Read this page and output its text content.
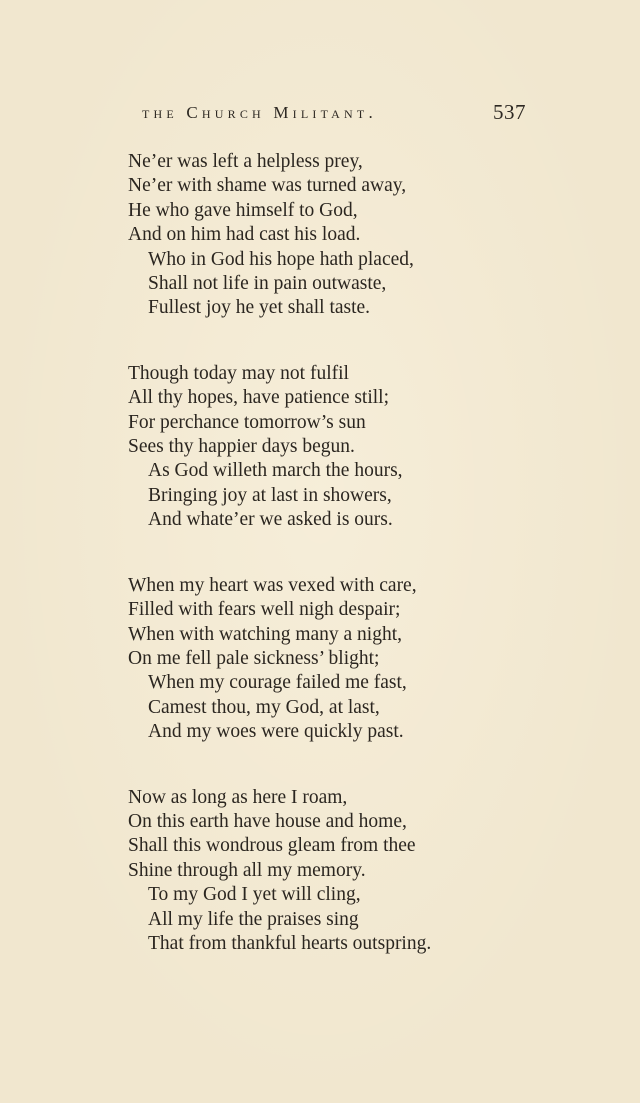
the Church Militant.	537
Ne’er was left a helpless prey,
Ne’er with shame was turned away,
He who gave himself to God,
And on him had cast his load.
Who in God his hope hath placed,
Shall not life in pain outwaste,
Fullest joy he yet shall taste.
Though today may not fulfil
All thy hopes, have patience still;
For perchance tomorrow’s sun
Sees thy happier days begun.
As God willeth march the hours,
Bringing joy at last in showers,
And whate’er we asked is ours.
When my heart was vexed with care,
Filled with fears well nigh despair;
When with watching many a night,
On me fell pale sickness’ blight;
When my courage failed me fast,
Camest thou, my God, at last,
And my woes were quickly past.
Now as long as here I roam,
On this earth have house and home,
Shall this wondrous gleam from thee
Shine through all my memory.
To my God I yet will cling,
All my life the praises sing
That from thankful hearts outspring.
